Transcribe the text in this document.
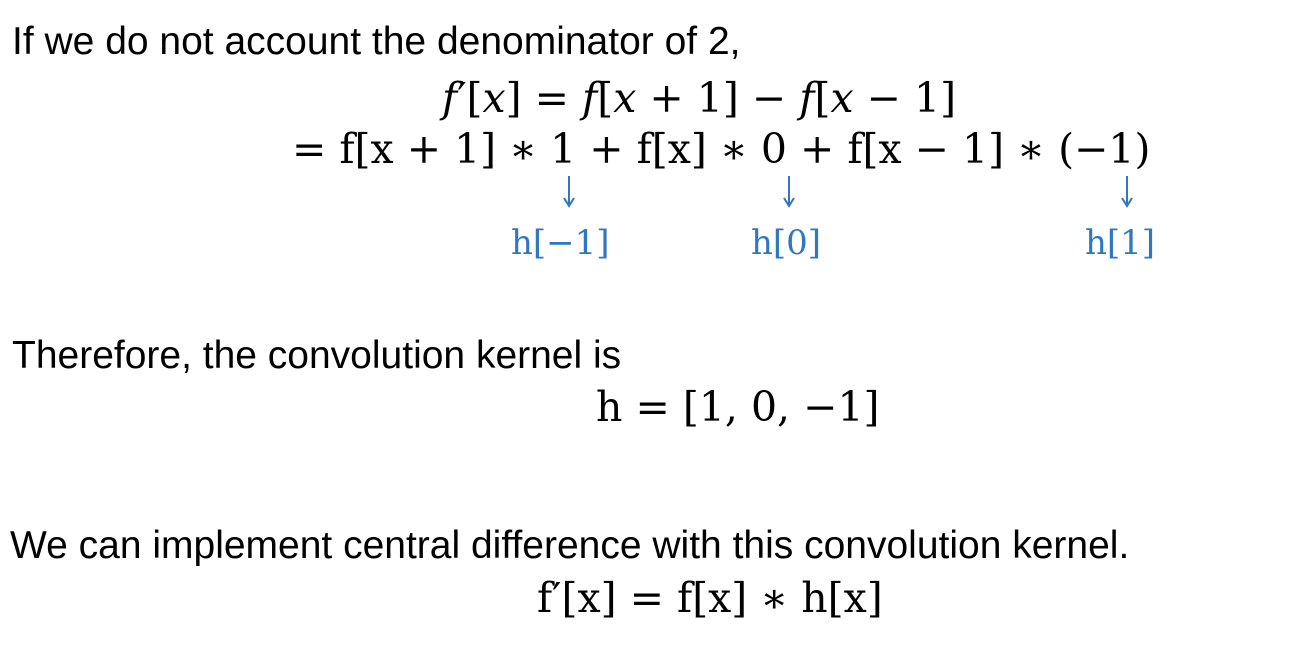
If we do not account the denominator of 2,
f′[x] = f[x + 1] − f[x − 1]
= f[x + 1] ∗ 1 + f[x] ∗ 0 + f[x − 1] ∗ (−1)
h[−1]	h[0]	h[1]
Therefore, the convolution kernel is
h = [1, 0, −1]
We can implement central difference with this convolution kernel.
f′[x] = f[x] ∗ h[x]
